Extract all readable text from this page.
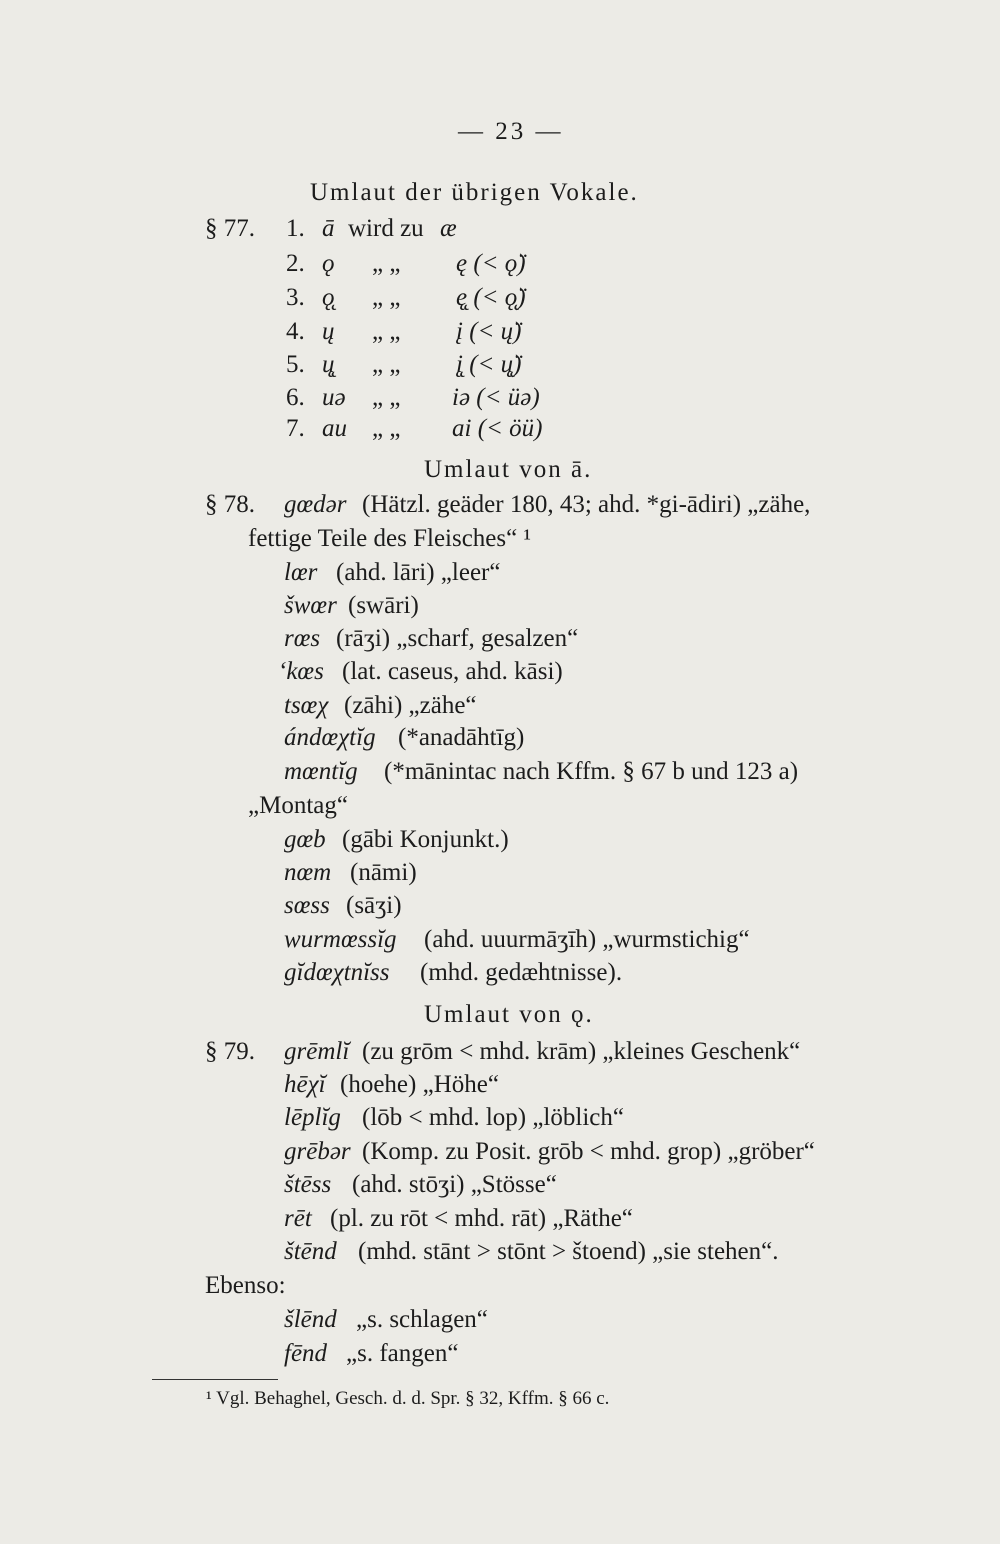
— 23 —
Umlaut der übrigen Vokale.
§ 77. 1. ā wird zu æ
2. ǫ „ „ ę (< ǫ̈)
3. ǫ̨ „ „ ę̨ (< ǫ̨̈)
4. ų „ „ į (< ų̈)
5. ų̨ „ „ į̨ (< ų̨̈)
6. uə „ „ iə (< üə)
7. au „ „ ai (< öü)
Umlaut von ā.
§ 78. gœdər (Hätzl. geäder 180, 43; ahd. *gi-ādiri) „zähe,
fettige Teile des Fleisches“ ¹
lœr (ahd. lāri) „leer“
šwœr (swāri)
rœs (rāʒi) „scharf, gesalzen“
ʻkœs (lat. caseus, ahd. kāsi)
tsœχ (zāhi) „zähe“
ándœχtĭg (*anadāhtīg)
mœntĭg (*mānintac nach Kffm. § 67 b und 123 a)
„Montag“
gœb (gābi Konjunkt.)
nœm (nāmi)
sœss (sāʒi)
wurmœssĭg (ahd. uuurmāʒīh) „wurmstichig“
gĭdœχtnĭss (mhd. gedæhtnisse).
Umlaut von ǫ.
§ 79. grēmlĭ (zu grōm < mhd. krām) „kleines Geschenk“
hēχĭ (hoehe) „Höhe“
lēplĭg (lōb < mhd. lop) „löblich“
grēbər (Komp. zu Posit. grōb < mhd. grop) „gröber“
štēss (ahd. stōʒi) „Stösse“
rēt (pl. zu rōt < mhd. rāt) „Räthe“
štēnd (mhd. stānt > stōnt > štoend) „sie stehen“.
Ebenso:
šlēnd „s. schlagen“
fēnd „s. fangen“
¹ Vgl. Behaghel, Gesch. d. d. Spr. § 32, Kffm. § 66 c.
